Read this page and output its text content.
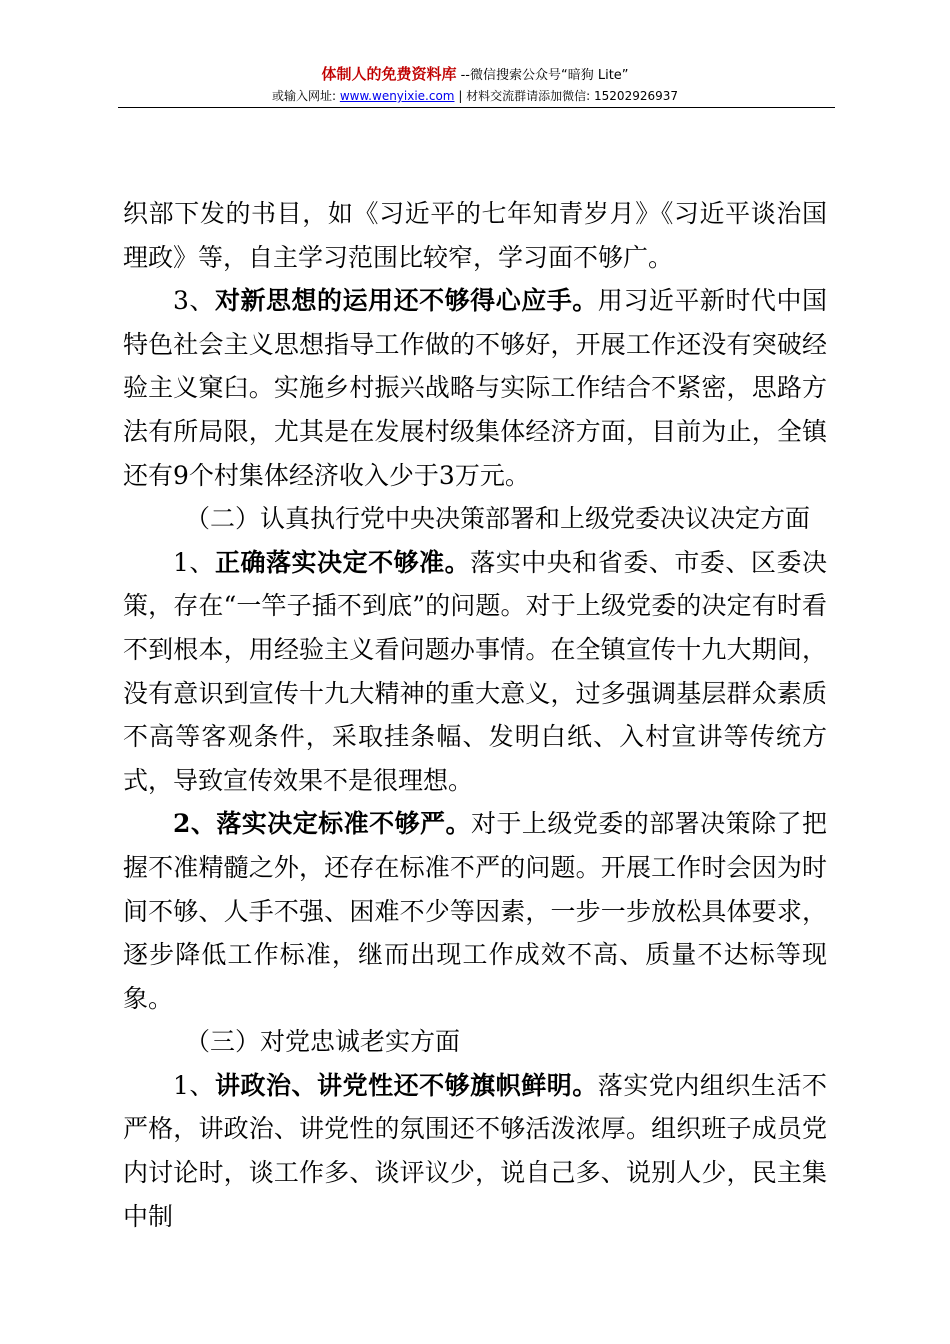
体制人的免费资料库 --微信搜索公众号“暗狗 Lite”
或输入网址: www.wenyixie.com | 材料交流群请添加微信: 15202926937

织部下发的书目，如《习近平的七年知青岁月》《习近平谈治国理政》等，自主学习范围比较窄，学习面不够广。

3、对新思想的运用还不够得心应手。用习近平新时代中国特色社会主义思想指导工作做的不够好，开展工作还没有突破经验主义窠臼。实施乡村振兴战略与实际工作结合不紧密，思路方法有所局限，尤其是在发展村级集体经济方面，目前为止，全镇还有9个村集体经济收入少于3万元。

（二）认真执行党中央决策部署和上级党委决议决定方面

1、正确落实决定不够准。落实中央和省委、市委、区委决策，存在“一竿子插不到底”的问题。对于上级党委的决定有时看不到根本，用经验主义看问题办事情。在全镇宣传十九大期间，没有意识到宣传十九大精神的重大意义，过多强调基层群众素质不高等客观条件，采取挂条幅、发明白纸、入村宣讲等传统方式，导致宣传效果不是很理想。

2、落实决定标准不够严。对于上级党委的部署决策除了把握不准精髓之外，还存在标准不严的问题。开展工作时会因为时间不够、人手不强、困难不少等因素，一步一步放松具体要求，逐步降低工作标准，继而出现工作成效不高、质量不达标等现象。

（三）对党忠诚老实方面

1、讲政治、讲党性还不够旗帜鲜明。落实党内组织生活不严格，讲政治、讲党性的氛围还不够活泼浓厚。组织班子成员党内讨论时，谈工作多、谈评议少，说自己多、说别人少，民主集中制
